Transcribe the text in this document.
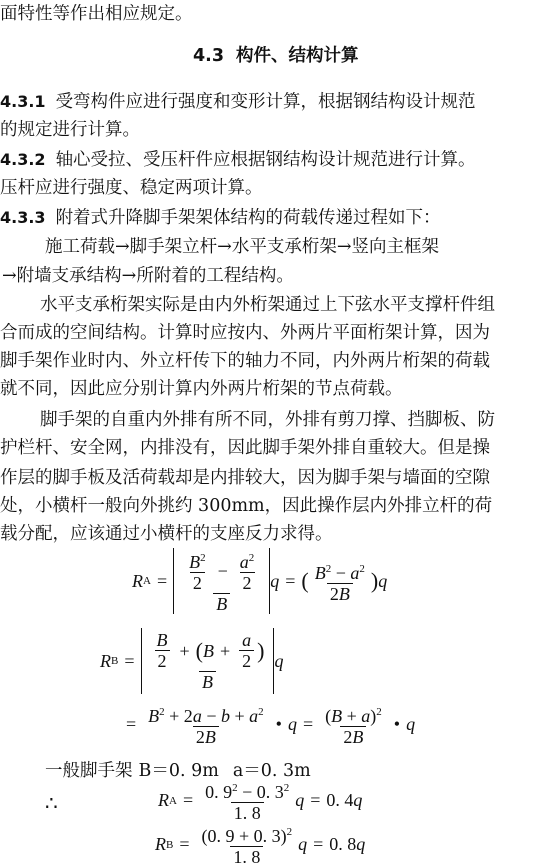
面特性等作出相应规定。
4.3 构件、结构计算
4.3.1 受弯构件应进行强度和变形计算，根据钢结构设计规范
的规定进行计算。
4.3.2 轴心受拉、受压杆件应根据钢结构设计规范进行计算。
压杆应进行强度、稳定两项计算。
4.3.3 附着式升降脚手架架体结构的荷载传递过程如下：
施工荷载→脚手架立杆→水平支承桁架→竖向主框架
→附墙支承结构→所附着的工程结构。
水平支承桁架实际是由内外桁架通过上下弦水平支撑杆件组
合而成的空间结构。计算时应按内、外两片平面桁架计算，因为
脚手架作业时内、外立杆传下的轴力不同，内外两片桁架的荷载
就不同，因此应分别计算内外两片桁架的节点荷载。
脚手架的自重内外排有所不同，外排有剪刀撑、挡脚板、防
护栏杆、安全网，内排没有，因此脚手架外排自重较大。但是操
作层的脚手板及活荷载却是内排较大，因为脚手架与墙面的空隙
处，小横杆一般向外挑约 300mm，因此操作层内外排立杆的荷
载分配，应该通过小横杆的支座反力求得。
R $A = \frac{\frac{B^2}{2} - \frac{a^2}{2}}{B}$ q = ( $\frac{B^2 - a^2}{2B}$ ) q
R $B = \frac{\frac{B}{2} + ( B + \frac{a}{2} )}{B}$ q
= $\frac{B^2 + 2a - b + a^2}{2B}$ • $q = \frac{(B + a)^2}{2B}$ • q
一般脚手架 B＝0. 9m a＝0. 3m
∴	R $A = \frac{0. 9^2 - 0. 3^2}{1. 8}$ q = 0. 4 q
R $B = \frac{(0. 9 + 0. 3)^2}{1. 8}$ q = 0. 8 q
